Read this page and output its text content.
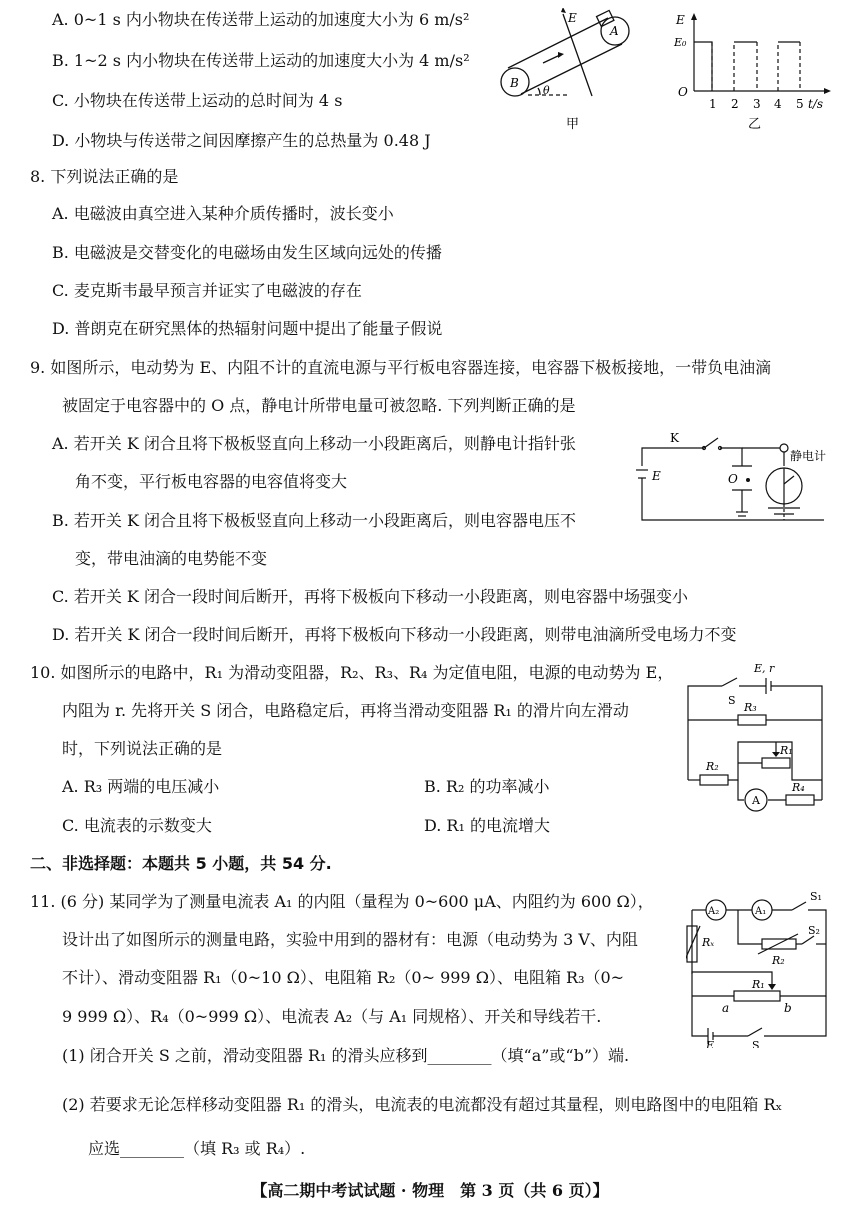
A. 0~1 s 内小物块在传送带上运动的加速度大小为 6 m/s²
B. 1~2 s 内小物块在传送带上运动的加速度大小为 4 m/s²
C. 小物块在传送带上运动的总时间为 4 s
D. 小物块与传送带之间因摩擦产生的总热量为 0.48 J
E
A
B
θ
甲
E
E₀
O
1 2 3 4 5 t/s
乙
8. 下列说法正确的是
A. 电磁波由真空进入某种介质传播时，波长变小
B. 电磁波是交替变化的电磁场由发生区域向远处的传播
C. 麦克斯韦最早预言并证实了电磁波的存在
D. 普朗克在研究黑体的热辐射问题中提出了能量子假说
9. 如图所示，电动势为 E、内阻不计的直流电源与平行板电容器连接，电容器下极板接地，一带负电油滴
被固定于电容器中的 O 点，静电计所带电量可被忽略. 下列判断正确的是
A. 若开关 K 闭合且将下极板竖直向上移动一小段距离后，则静电计指针张
角不变，平行板电容器的电容值将变大
B. 若开关 K 闭合且将下极板竖直向上移动一小段距离后，则电容器电压不
变，带电油滴的电势能不变
C. 若开关 K 闭合一段时间后断开，再将下极板向下移动一小段距离，则电容器中场强变小
D. 若开关 K 闭合一段时间后断开，再将下极板向下移动一小段距离，则带电油滴所受电场力不变
K
E	O
静电计
10. 如图所示的电路中，R₁ 为滑动变阻器，R₂、R₃、R₄ 为定值电阻，电源的电动势为 E，
内阻为 r. 先将开关 S 闭合，电路稳定后，再将当滑动变阻器 R₁ 的滑片向左滑动
时，下列说法正确的是
A. R₃ 两端的电压减小	B. R₂ 的功率减小
C. 电流表的示数变大	D. R₁ 的电流增大
E, r
S
R₃
R₁
R₂
A
R₄
二、非选择题：本题共 5 小题，共 54 分.
11. (6 分) 某同学为了测量电流表 A₁ 的内阻（量程为 0~600 μA、内阻约为 600 Ω），
设计出了如图所示的测量电路，实验中用到的器材有：电源（电动势为 3 V、内阻
不计）、滑动变阻器 R₁（0~10 Ω）、电阻箱 R₂（0~ 999 Ω）、电阻箱 R₃（0~
9 999 Ω）、R₄（0~999 Ω）、电流表 A₂（与 A₁ 同规格）、开关和导线若干.
(1) 闭合开关 S 之前，滑动变阻器 R₁ 的滑头应移到________（填“a”或“b”）端.
(2) 若要求无论怎样移动变阻器 R₁ 的滑头，电流表的电流都没有超过其量程，则电路图中的电阻箱 Rₓ
应选________（填 R₃ 或 R₄）.
A₂	A₁
S₁
S₂
Rₓ
R₂
R₁
a	b
E	S
【高二期中考试试题 · 物理　第 3 页（共 6 页）】
